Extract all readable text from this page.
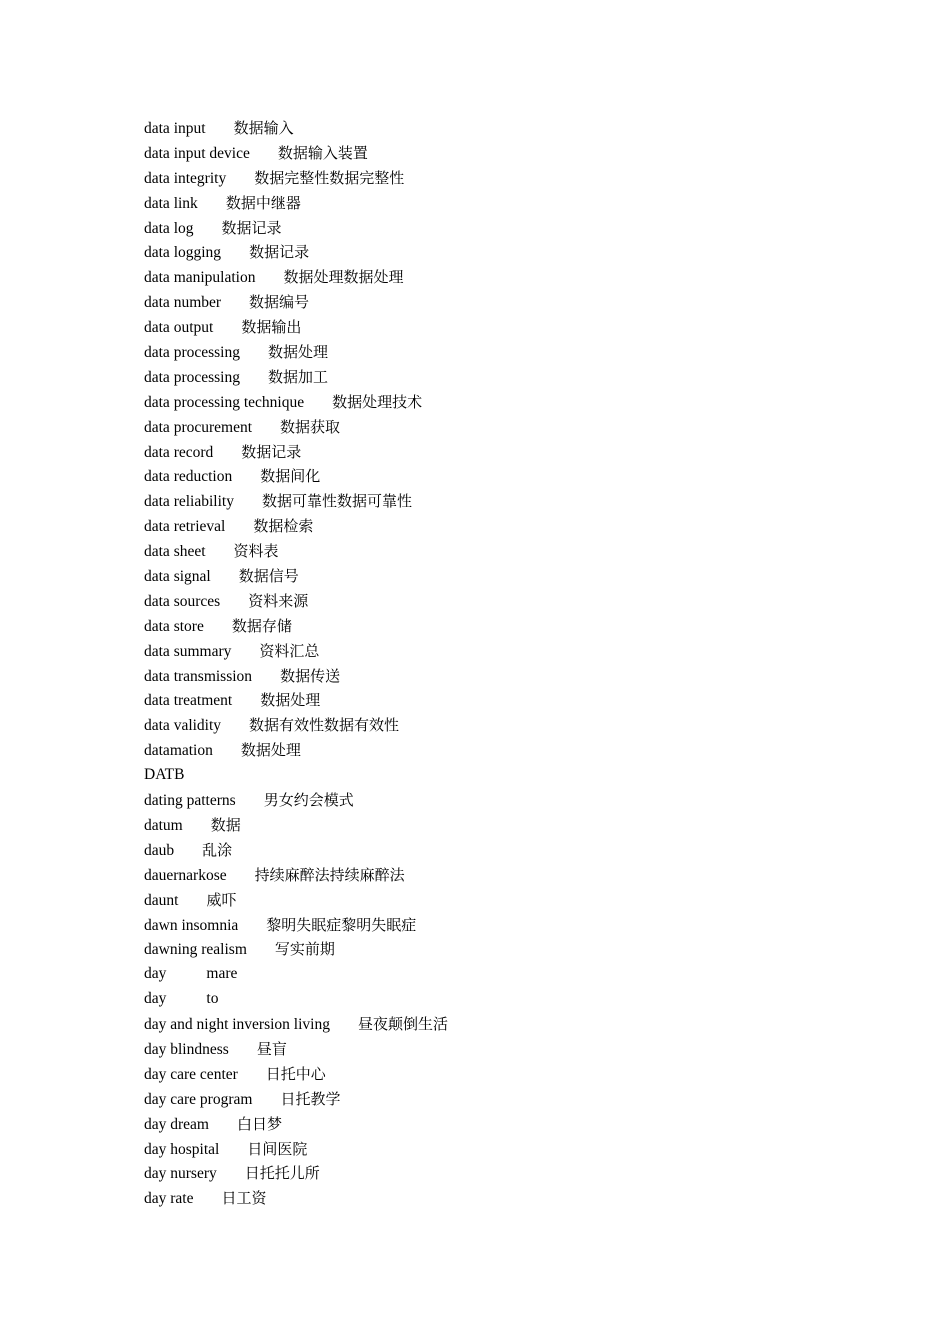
data input 数据输入
data input device 数据输入装置
data integrity 数据完整性数据完整性
data link 数据中继器
data log 数据记录
data logging 数据记录
data manipulation 数据处理数据处理
data number 数据编号
data output 数据输出
data processing 数据处理
data processing 数据加工
data processing technique 数据处理技术
data procurement 数据获取
data record 数据记录
data reduction 数据间化
data reliability 数据可靠性数据可靠性
data retrieval 数据检索
data sheet 资料表
data signal 数据信号
data sources 资料来源
data store 数据存储
data summary 资料汇总
data transmission 数据传送
data treatment 数据处理
data validity 数据有效性数据有效性
datamation 数据处理
DATB
dating patterns 男女约会模式
datum 数据
daub 乱涂
dauernarkose 持续麻醉法持续麻醉法
daunt 威吓
dawn insomnia 黎明失眠症黎明失眠症
dawning realism 写实前期
day	mare
day	to
day and night inversion living 昼夜颠倒生活
day blindness 昼盲
day care center 日托中心
day care program 日托教学
day dream 白日梦
day hospital 日间医院
day nursery 日托托儿所
day rate 日工资
